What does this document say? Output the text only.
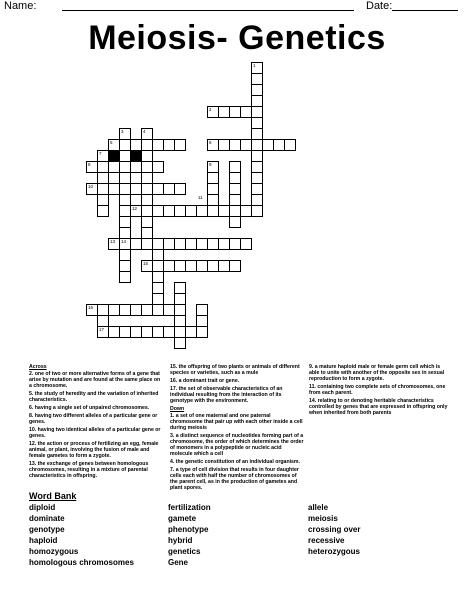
Name:	Date:
Meiosis- Genetics
1
2
3	4
5	6
7
8	9
10
11
12
13 14
15
16
17
Across
2. one of two or more alternative forms of a gene that arise by mutation and are found at the same place on a chromosome.
5. the study of heredity and the variation of inherited characteristics.
6. having a single set of unpaired chromosomes.
8. having two different alleles of a particular gene or genes.
10. having two identical alleles of a particular gene or genes.
12. the action or process of fertilizing an egg, female animal, or plant, involving the fusion of male and female gametes to form a zygote.
13. the exchange of genes between homologous chromosomes, resulting in a mixture of parental characteristics in offspring.
15. the offspring of two plants or animals of different species or varieties, such as a mule
16. a dominant trait or gene.
17. the set of observable characteristics of an individual resulting from the interaction of its genotype with the environment.
Down
1. a set of one maternal and one paternal chromosome that pair up with each other inside a cell during meiosis
3. a distinct sequence of nucleotides forming part of a chromosome, the order of which determines the order of monomers in a polypeptide or nucleic acid molecule which a cell
4. the genetic constitution of an individual organism.
7. a type of cell division that results in four daughter cells each with half the number of chromosomes of the parent cell, as in the production of gametes and plant spores.
9. a mature haploid male or female germ cell which is able to unite with another of the opposite sex in sexual reproduction to form a zygote.
11. containing two complete sets of chromosomes, one from each parent.
14. relating to or denoting heritable characteristics controlled by genes that are expressed in offspring only when inherited from both parents
Word Bank
diploid
dominate
genotype
haploid
homozygous
homologous chromosomes
fertilization
gamete
phenotype
hybrid
genetics
Gene
allele
meiosis
crossing over
recessive
heterozygous
